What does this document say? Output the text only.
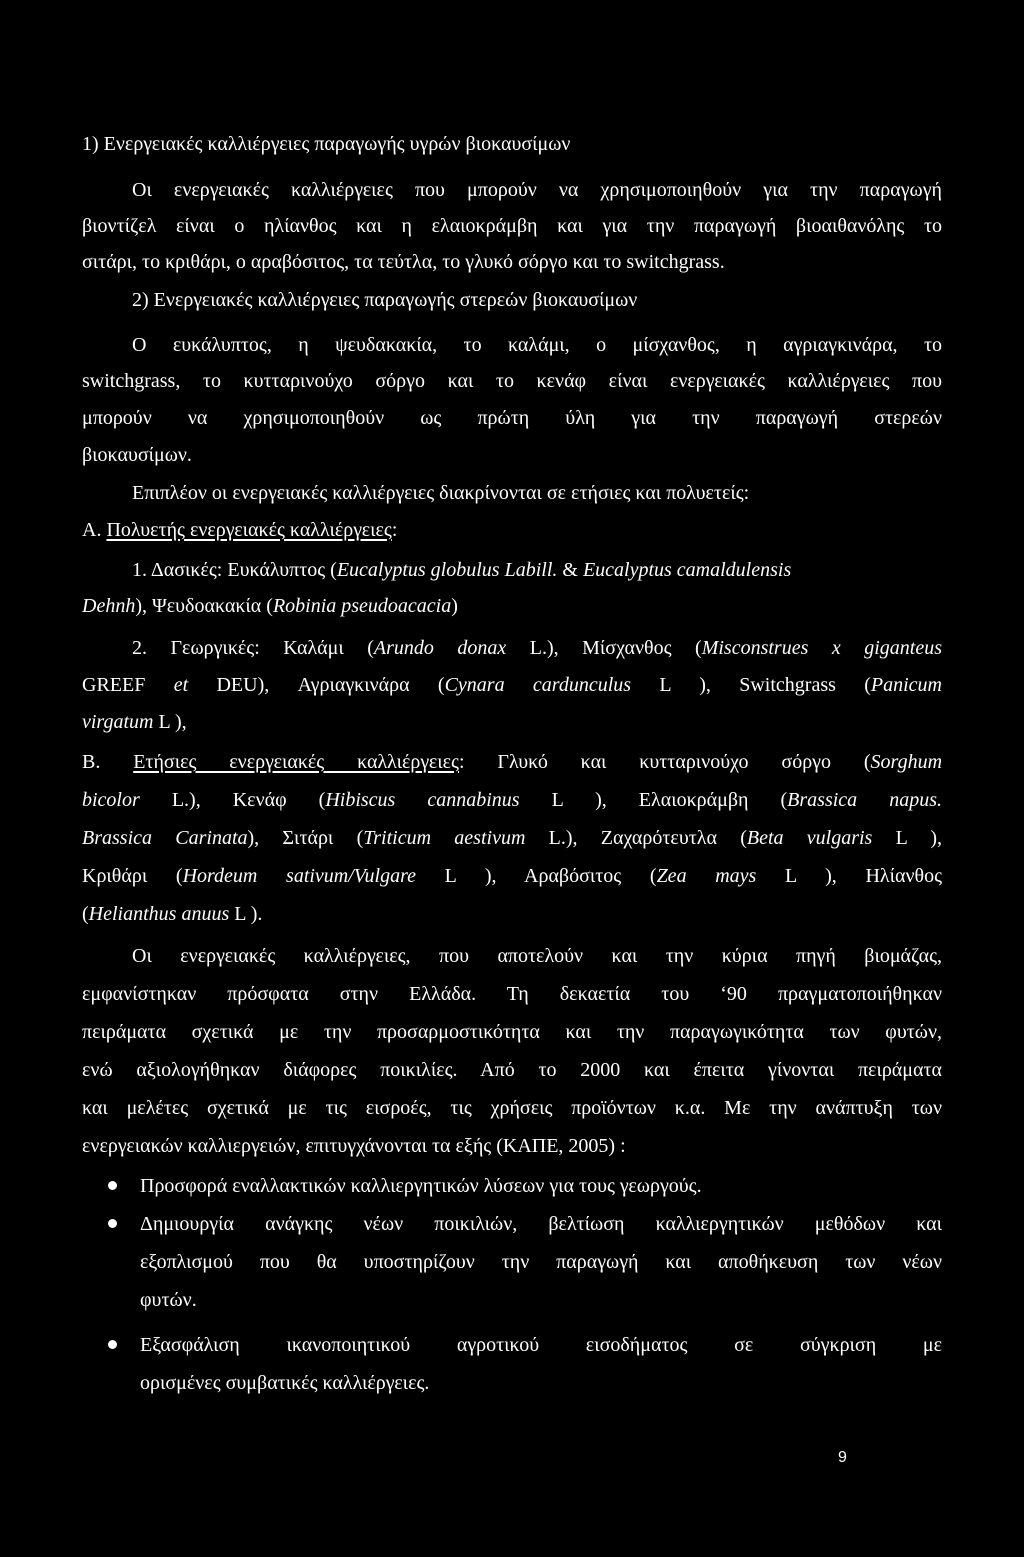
1) Ενεργειακές καλλιέργειες παραγωγής υγρών βιοκαυσίμων
Οι ενεργειακές καλλιέργειες που μπορούν να χρησιμοποιηθούν για την παραγωγή
βιοντίζελ είναι ο ηλίανθος και η ελαιοκράμβη και για την παραγωγή βιοαιθανόλης το
σιτάρι, το κριθάρι, ο αραβόσιτος, τα τεύτλα, το γλυκό σόργο και το switchgrass.
2) Ενεργειακές καλλιέργειες παραγωγής στερεών βιοκαυσίμων
Ο ευκάλυπτος, η ψευδακακία, το καλάμι, ο μίσχανθος, η αγριαγκινάρα, το
switchgrass, το κυτταρινούχο σόργο και το κενάφ είναι ενεργειακές καλλιέργειες που
μπορούν να χρησιμοποιηθούν ως πρώτη ύλη για την παραγωγή στερεών
βιοκαυσίμων.
Επιπλέον οι ενεργειακές καλλιέργειες διακρίνονται σε ετήσιες και πολυετείς:
Α. Πολυετής ενεργειακές καλλιέργειες:
1. Δασικές: Ευκάλυπτος (Eucalyptus globulus Labill. & Eucalyptus camaldulensis
Dehnh), Ψευδοακακία (Robinia pseudoacacia)
2. Γεωργικές: Καλάμι (Arundo donax L.), Μίσχανθος (Misconstrues x giganteus
GREEF et DEU), Αγριαγκινάρα (Cynara cardunculus L ), Switchgrass (Panicum
virgatum L ),
Β. Ετήσιες ενεργειακές καλλιέργειες: Γλυκό και κυτταρινούχο σόργο (Sorghum
bicolor L.), Κενάφ (Hibiscus cannabinus L ), Ελαιοκράμβη (Brassica napus.
Brassica Carinata), Σιτάρι (Triticum aestivum L.), Ζαχαρότευτλα (Beta vulgaris L ),
Κριθάρι (Hordeum sativum/Vulgare L ), Αραβόσιτος (Zea mays L ), Ηλίανθος
(Helianthus anuus L ).
Οι ενεργειακές καλλιέργειες, που αποτελούν και την κύρια πηγή βιομάζας,
εμφανίστηκαν πρόσφατα στην Ελλάδα. Τη δεκαετία του ‘90 πραγματοποιήθηκαν
πειράματα σχετικά με την προσαρμοστικότητα και την παραγωγικότητα των φυτών,
ενώ αξιολογήθηκαν διάφορες ποικιλίες. Από το 2000 και έπειτα γίνονται πειράματα
και μελέτες σχετικά με τις εισροές, τις χρήσεις προϊόντων κ.α. Με την ανάπτυξη των
ενεργειακών καλλιεργειών, επιτυγχάνονται τα εξής (ΚΑΠΕ, 2005) :
Προσφορά εναλλακτικών καλλιεργητικών λύσεων για τους γεωργούς.
Δημιουργία ανάγκης νέων ποικιλιών, βελτίωση καλλιεργητικών μεθόδων και
εξοπλισμού που θα υποστηρίζουν την παραγωγή και αποθήκευση των νέων
φυτών.
Εξασφάλιση ικανοποιητικού αγροτικού εισοδήματος σε σύγκριση με
ορισμένες συμβατικές καλλιέργειες.
9
